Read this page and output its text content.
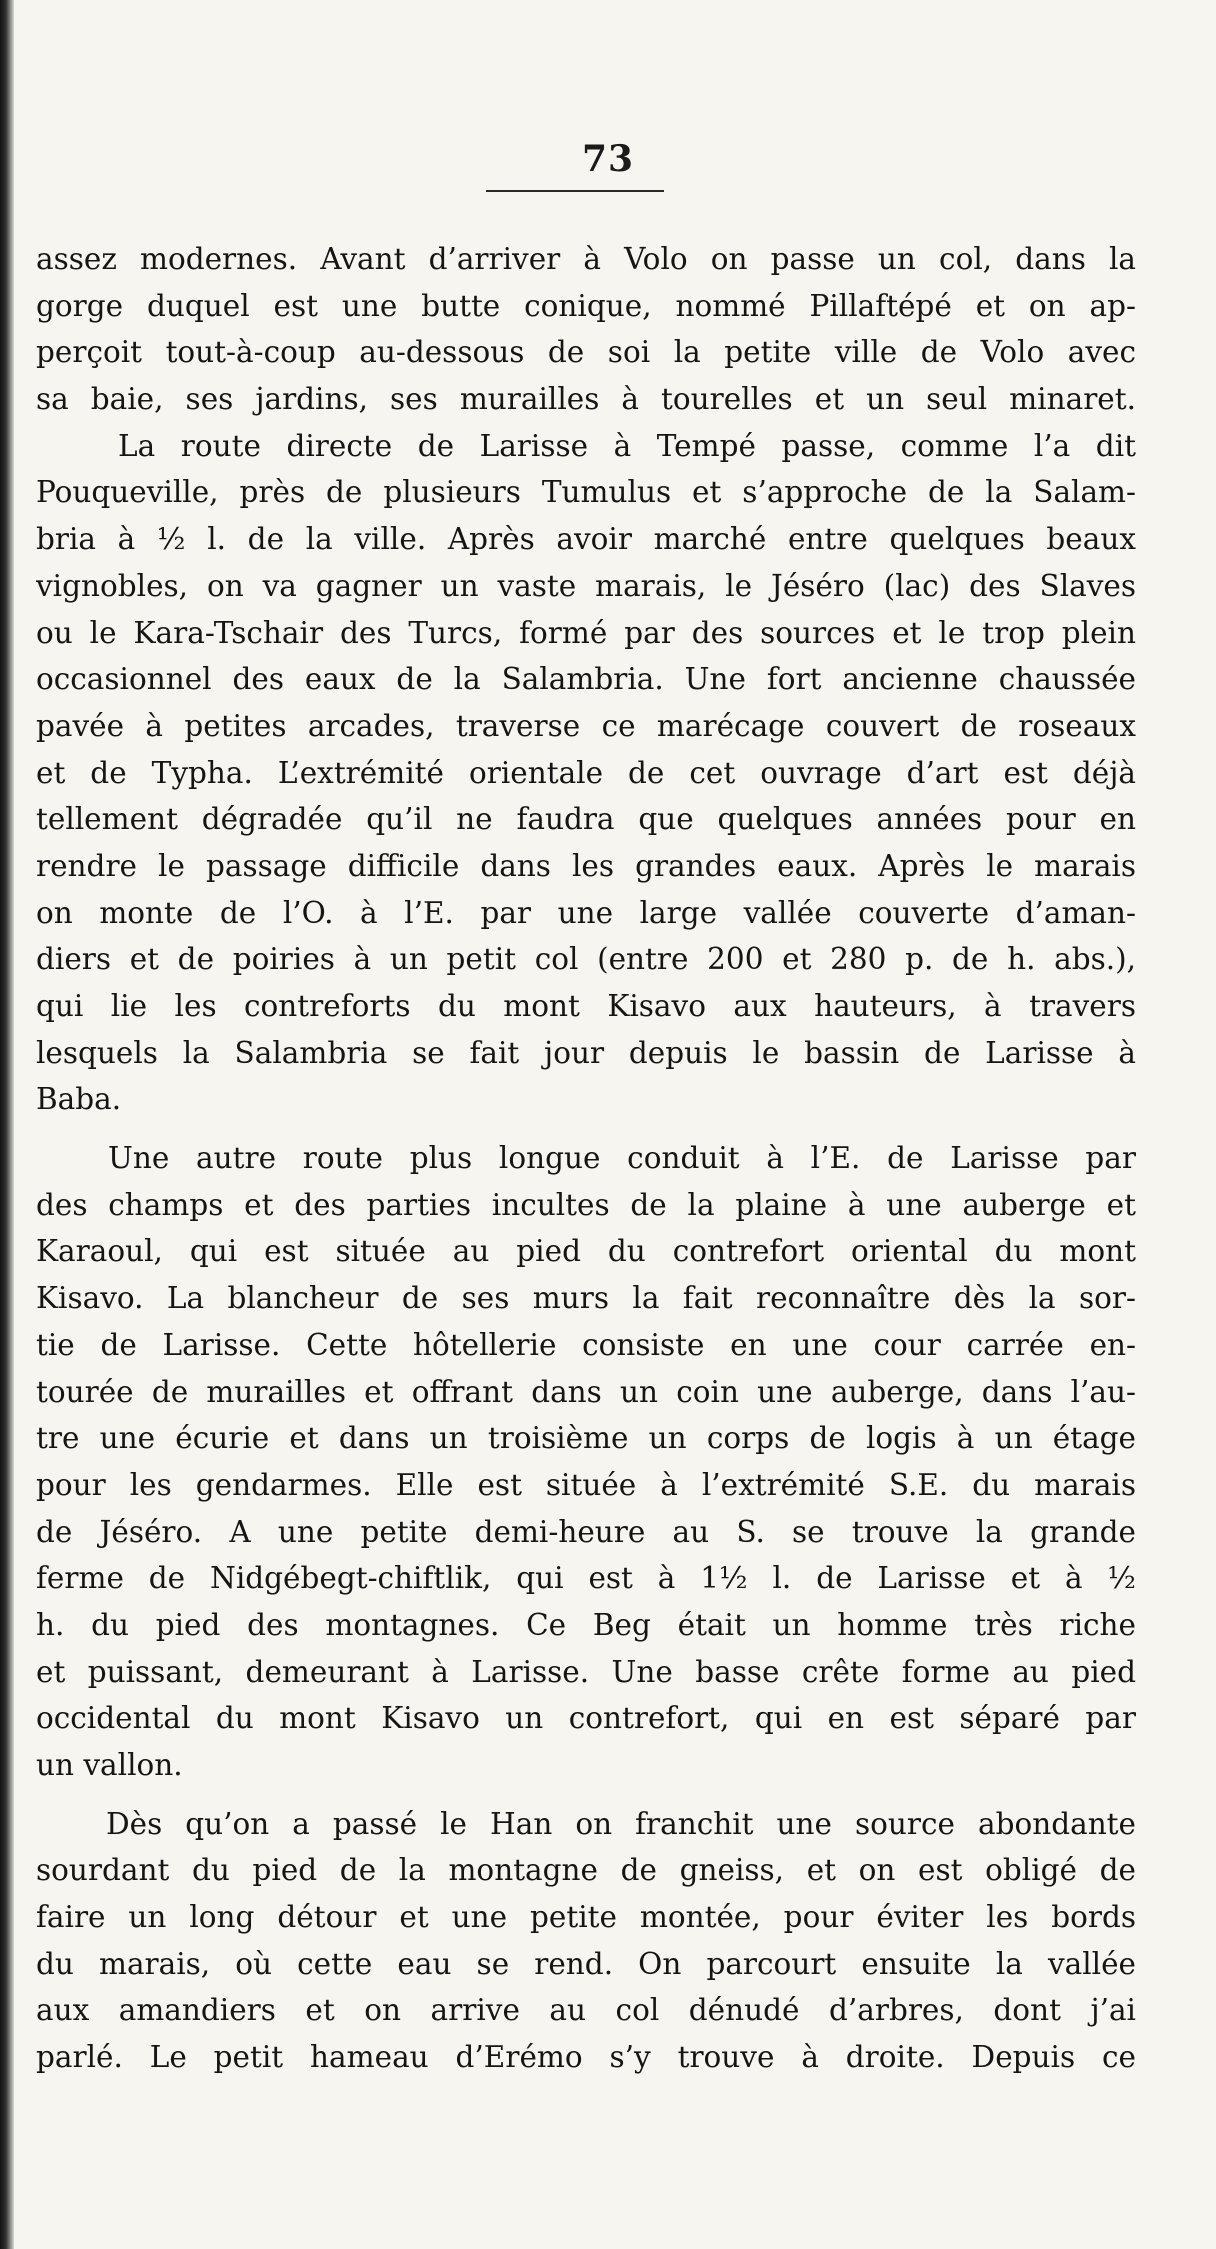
73
assez modernes. Avant d’arriver à Volo on passe un col, dans la
gorge duquel est une butte conique, nommé Pillaftépé et on ap-
perçoit tout-à-coup au-dessous de soi la petite ville de Volo avec
sa baie, ses jardins, ses murailles à tourelles et un seul minaret.
La route directe de Larisse à Tempé passe, comme l’a dit
Pouqueville, près de plusieurs Tumulus et s’approche de la Salam-
bria à ½ l. de la ville. Après avoir marché entre quelques beaux
vignobles, on va gagner un vaste marais, le Jéséro (lac) des Slaves
ou le Kara-Tschair des Turcs, formé par des sources et le trop plein
occasionnel des eaux de la Salambria. Une fort ancienne chaussée
pavée à petites arcades, traverse ce marécage couvert de roseaux
et de Typha. L’extrémité orientale de cet ouvrage d’art est déjà
tellement dégradée qu’il ne faudra que quelques années pour en
rendre le passage difficile dans les grandes eaux. Après le marais
on monte de l’O. à l’E. par une large vallée couverte d’aman-
diers et de poiries à un petit col (entre 200 et 280 p. de h. abs.),
qui lie les contreforts du mont Kisavo aux hauteurs, à travers
lesquels la Salambria se fait jour depuis le bassin de Larisse à
Baba.
Une autre route plus longue conduit à l’E. de Larisse par
des champs et des parties incultes de la plaine à une auberge et
Karaoul, qui est située au pied du contrefort oriental du mont
Kisavo. La blancheur de ses murs la fait reconnaître dès la sor-
tie de Larisse. Cette hôtellerie consiste en une cour carrée en-
tourée de murailles et offrant dans un coin une auberge, dans l’au-
tre une écurie et dans un troisième un corps de logis à un étage
pour les gendarmes. Elle est située à l’extrémité S.E. du marais
de Jéséro. A une petite demi-heure au S. se trouve la grande
ferme de Nidgébegt-chiftlik, qui est à 1½ l. de Larisse et à ½
h. du pied des montagnes. Ce Beg était un homme très riche
et puissant, demeurant à Larisse. Une basse crête forme au pied
occidental du mont Kisavo un contrefort, qui en est séparé par
un vallon.
Dès qu’on a passé le Han on franchit une source abondante
sourdant du pied de la montagne de gneiss, et on est obligé de
faire un long détour et une petite montée, pour éviter les bords
du marais, où cette eau se rend. On parcourt ensuite la vallée
aux amandiers et on arrive au col dénudé d’arbres, dont j’ai
parlé. Le petit hameau d’Erémo s’y trouve à droite. Depuis ce
